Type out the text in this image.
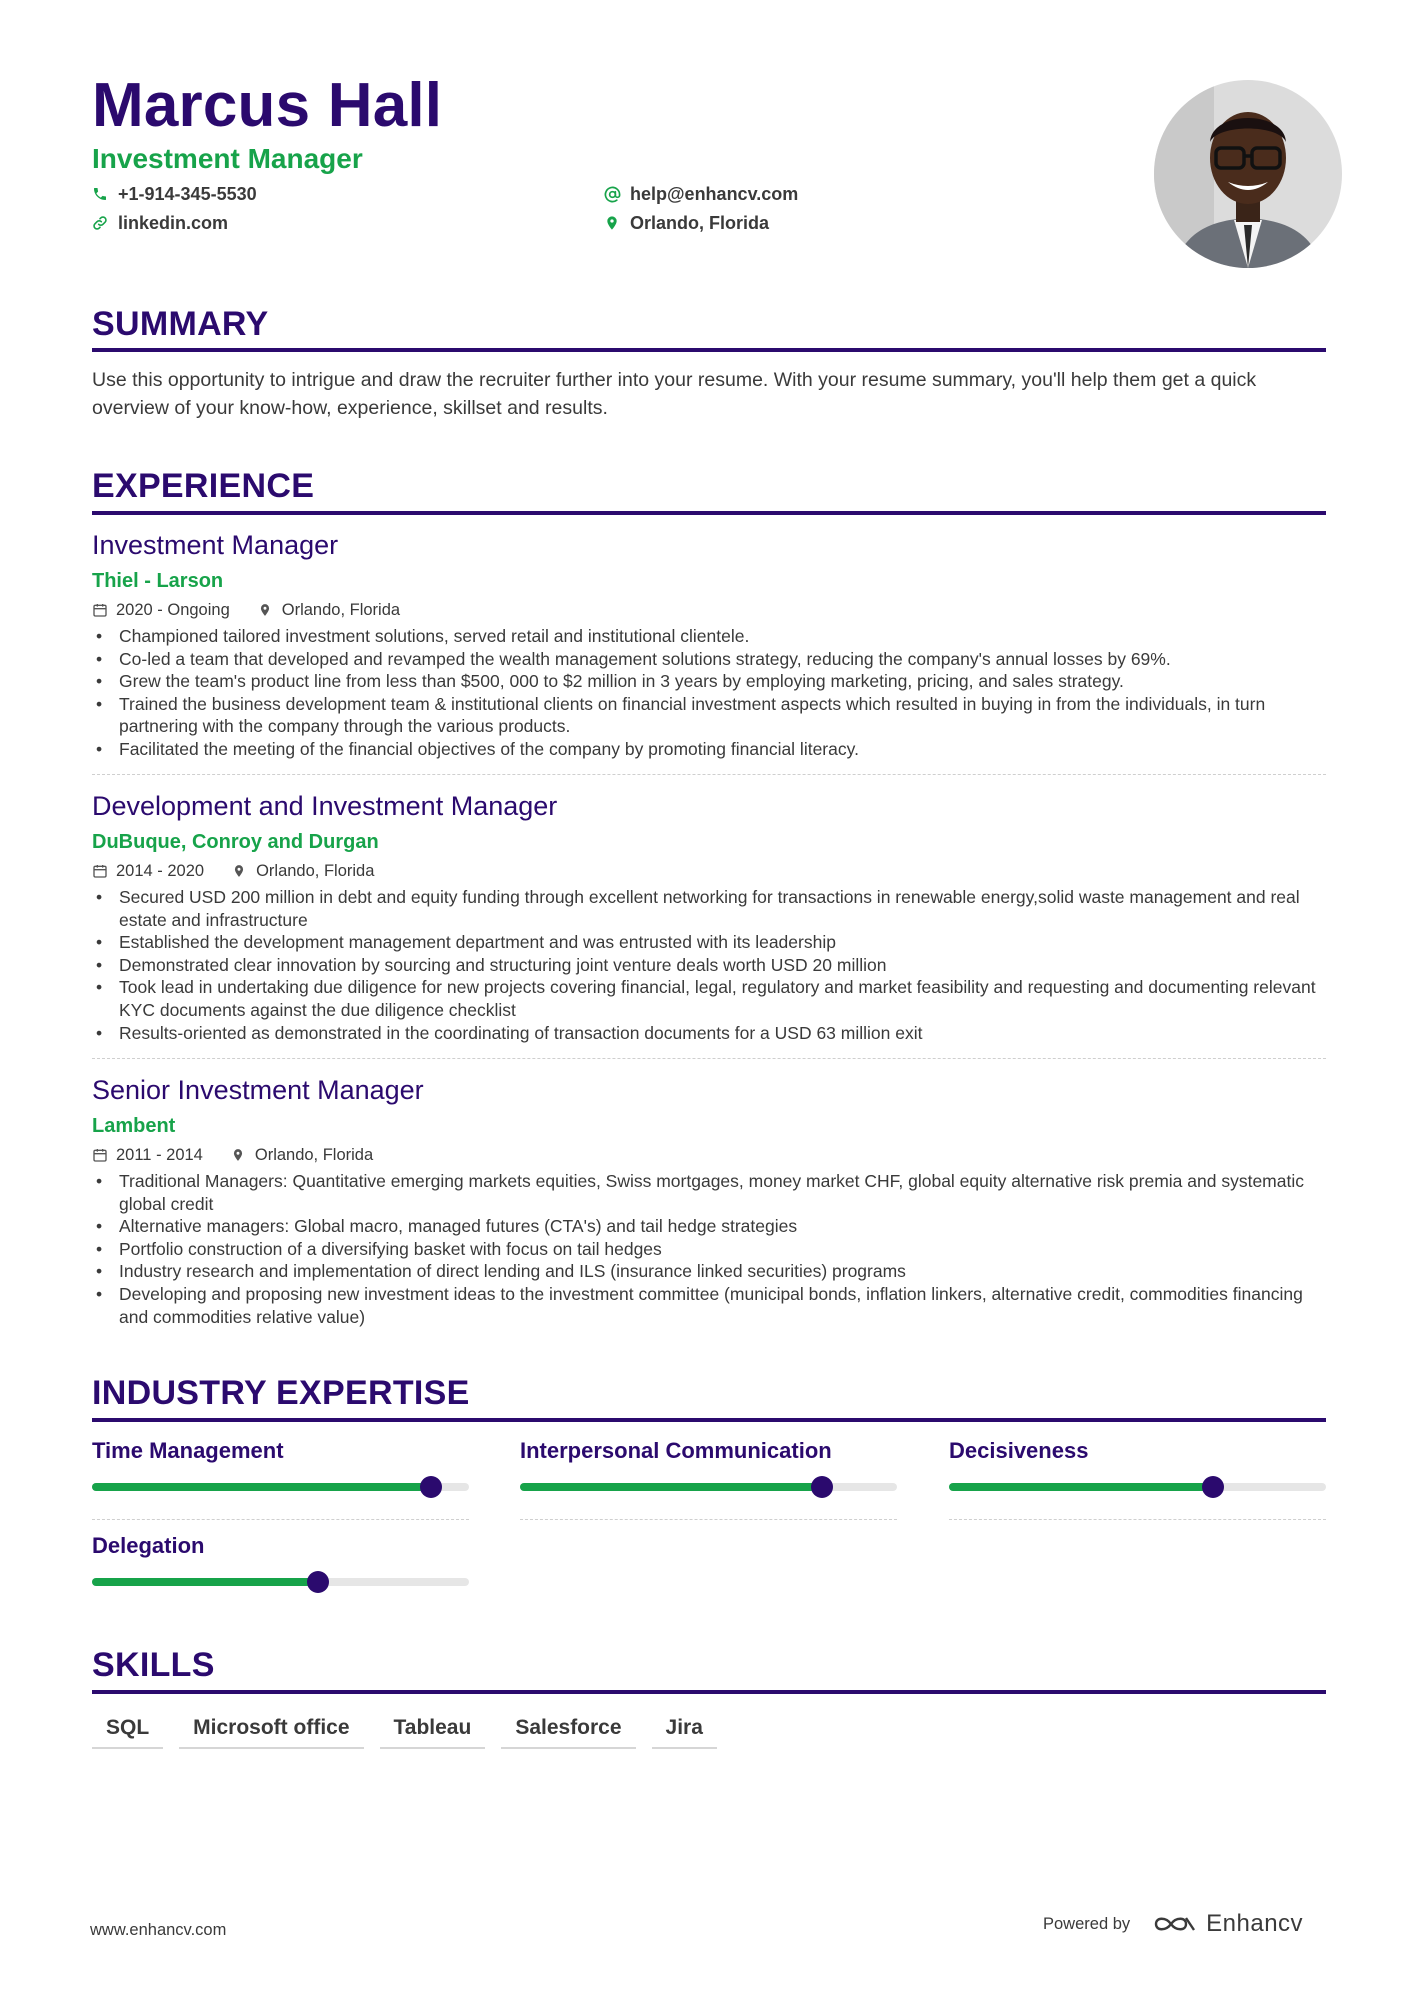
Marcus Hall
Investment Manager
+1-914-345-5530
linkedin.com
help@enhancv.com
Orlando, Florida
SUMMARY
Use this opportunity to intrigue and draw the recruiter further into your resume. With your resume summary, you'll help them get a quick overview of your know-how, experience, skillset and results.
EXPERIENCE
Investment Manager
Thiel - Larson
2020 - Ongoing	Orlando, Florida
• Championed tailored investment solutions, served retail and institutional clientele.
• Co-led a team that developed and revamped the wealth management solutions strategy, reducing the company's annual losses by 69%.
• Grew the team's product line from less than $500, 000 to $2 million in 3 years by employing marketing, pricing, and sales strategy.
• Trained the business development team & institutional clients on financial investment aspects which resulted in buying in from the individuals, in turn partnering with the company through the various products.
• Facilitated the meeting of the financial objectives of the company by promoting financial literacy.
Development and Investment Manager
DuBuque, Conroy and Durgan
2014 - 2020	Orlando, Florida
• Secured USD 200 million in debt and equity funding through excellent networking for transactions in renewable energy,solid waste management and real estate and infrastructure
• Established the development management department and was entrusted with its leadership
• Demonstrated clear innovation by sourcing and structuring joint venture deals worth USD 20 million
• Took lead in undertaking due diligence for new projects covering financial, legal, regulatory and market feasibility and requesting and documenting relevant KYC documents against the due diligence checklist
• Results-oriented as demonstrated in the coordinating of transaction documents for a USD 63 million exit
Senior Investment Manager
Lambent
2011 - 2014	Orlando, Florida
• Traditional Managers: Quantitative emerging markets equities, Swiss mortgages, money market CHF, global equity alternative risk premia and systematic global credit
• Alternative managers: Global macro, managed futures (CTA's) and tail hedge strategies
• Portfolio construction of a diversifying basket with focus on tail hedges
• Industry research and implementation of direct lending and ILS (insurance linked securities) programs
• Developing and proposing new investment ideas to the investment committee (municipal bonds, inflation linkers, alternative credit, commodities financing and commodities relative value)
INDUSTRY EXPERTISE
Time Management	Interpersonal Communication	Decisiveness
Delegation
SKILLS
SQL	Microsoft office	Tableau	Salesforce	Jira
www.enhancv.com	Powered by	Enhancv
